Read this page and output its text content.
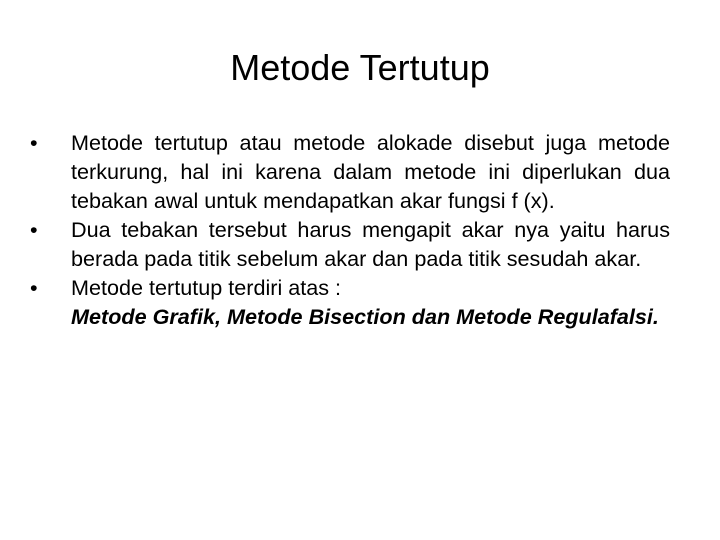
Metode Tertutup
•	Metode tertutup atau metode alokade disebut juga metode terkurung, hal ini karena dalam metode ini diperlukan dua tebakan awal untuk mendapatkan akar fungsi f (x).
•	Dua tebakan tersebut harus mengapit akar nya yaitu harus berada pada titik sebelum akar dan pada titik sesudah akar.
•	Metode tertutup terdiri atas :
Metode Grafik, Metode Bisection dan Metode Regulafalsi.
